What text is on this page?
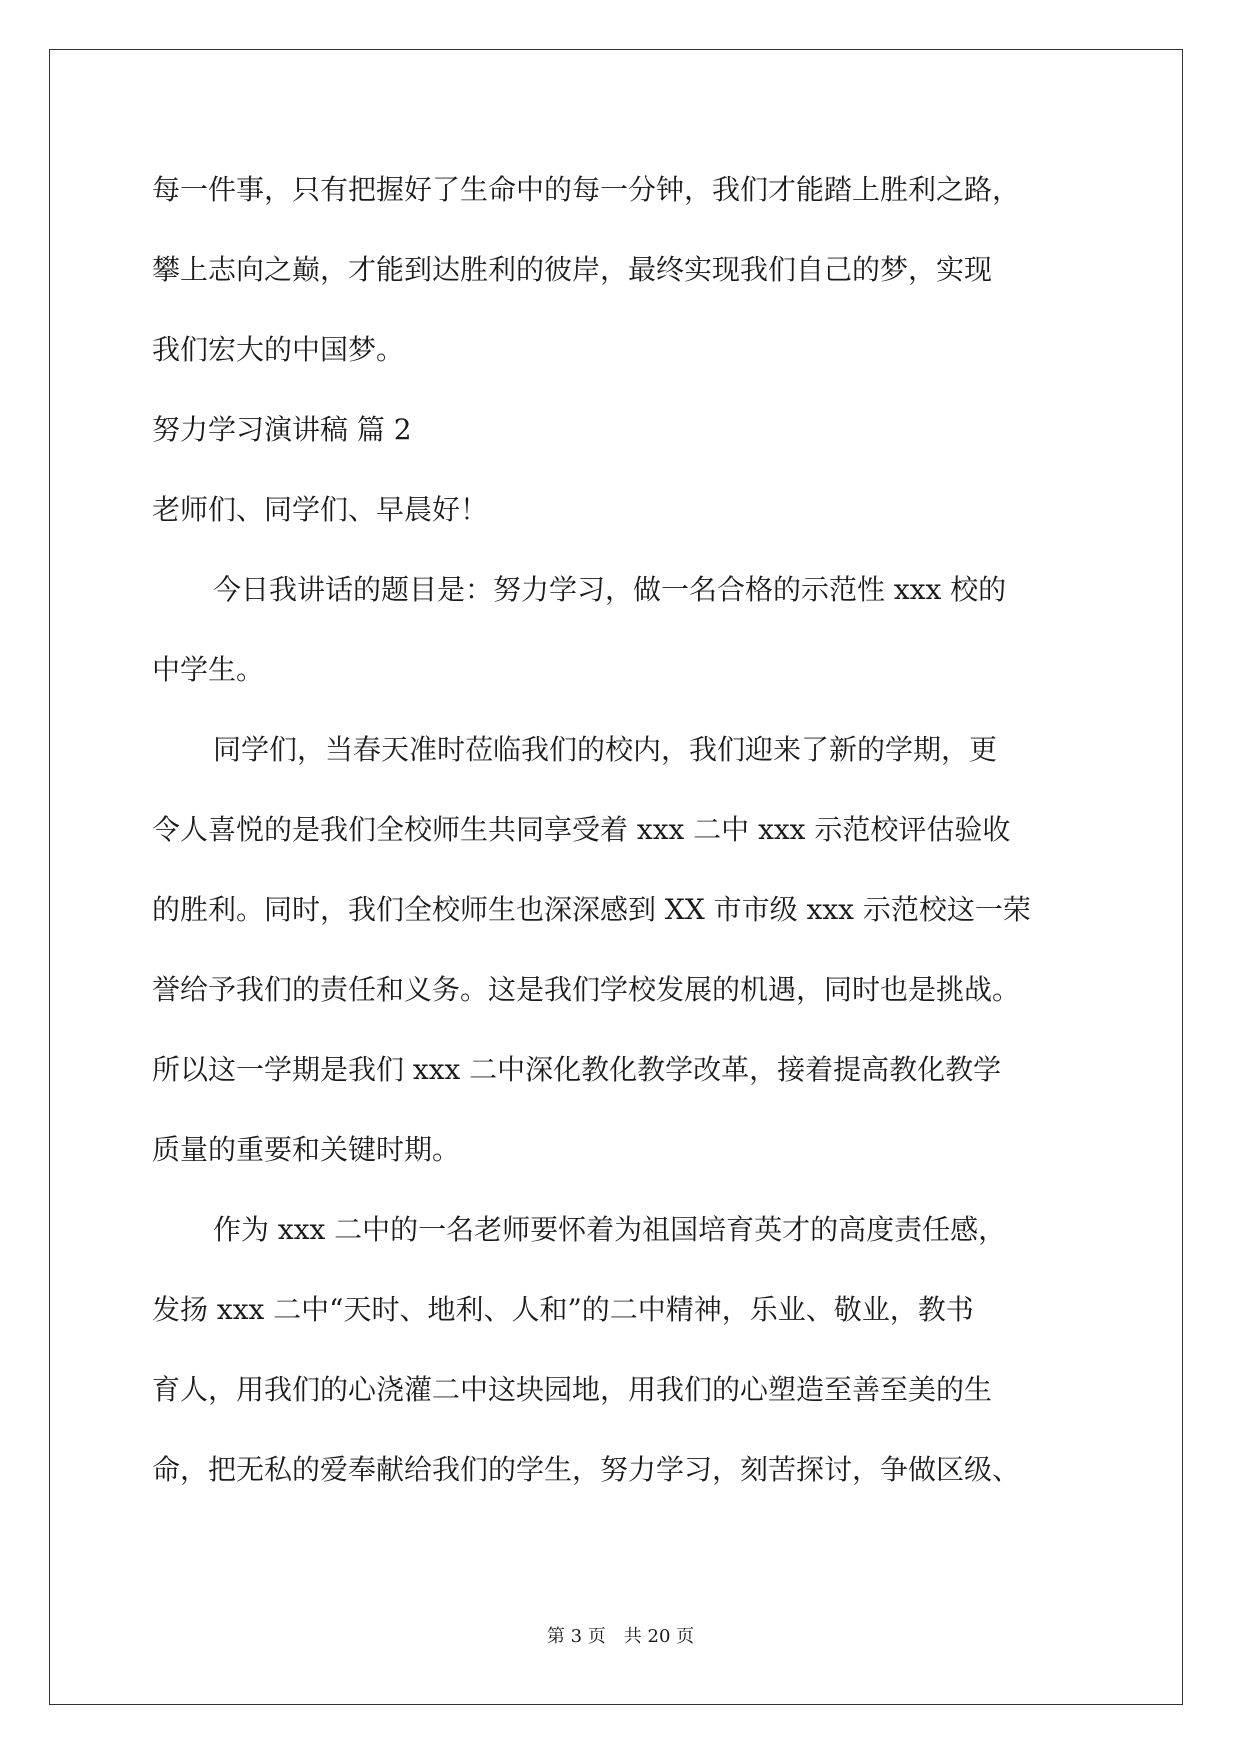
每一件事，只有把握好了生命中的每一分钟，我们才能踏上胜利之路，

攀上志向之巅，才能到达胜利的彼岸，最终实现我们自己的梦，实现

我们宏大的中国梦。

努力学习演讲稿 篇 2

老师们、同学们、早晨好！

今日我讲话的题目是：努力学习，做一名合格的示范性 xxx 校的

中学生。

同学们，当春天准时莅临我们的校内，我们迎来了新的学期，更

令人喜悦的是我们全校师生共同享受着 xxx 二中 xxx 示范校评估验收

的胜利。同时，我们全校师生也深深感到 XX 市市级 xxx 示范校这一荣

誉给予我们的责任和义务。这是我们学校发展的机遇，同时也是挑战。

所以这一学期是我们 xxx 二中深化教化教学改革，接着提高教化教学

质量的重要和关键时期。

作为 xxx 二中的一名老师要怀着为祖国培育英才的高度责任感，

发扬 xxx 二中“天时、地利、人和”的二中精神，乐业、敬业，教书

育人，用我们的心浇灌二中这块园地，用我们的心塑造至善至美的生

命，把无私的爱奉献给我们的学生，努力学习，刻苦探讨，争做区级、

第 3 页 共 20 页
